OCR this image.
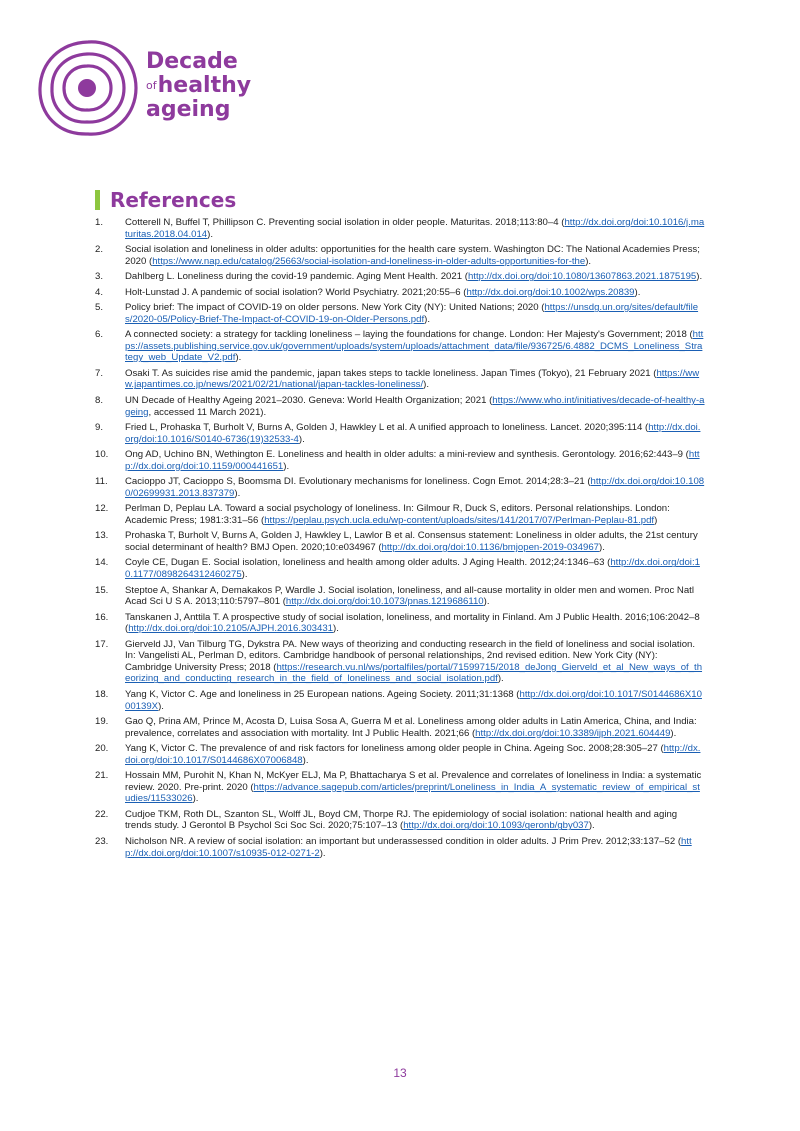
Decade
$^{of}$healthy
ageing
References
1.	Cotterell N, Buffel T, Phillipson C. Preventing social isolation in older people. Maturitas. 2018;113:80–4 (http://dx.doi.org/doi:10.1016/j.maturitas.2018.04.014).
2.	Social isolation and loneliness in older adults: opportunities for the health care system. Washington DC: The National Academies Press; 2020 (https://www.nap.edu/catalog/25663/social-isolation-and-loneliness-in-older-adults-opportunities-for-the).
3.	Dahlberg L. Loneliness during the covid-19 pandemic. Aging Ment Health. 2021 (http://dx.doi.org/doi:10.1080/13607863.2021.1875195).
4.	Holt-Lunstad J. A pandemic of social isolation? World Psychiatry. 2021;20:55–6 (http://dx.doi.org/doi:10.1002/wps.20839).
5.	Policy brief: The impact of COVID-19 on older persons. New York City (NY): United Nations; 2020 (https://unsdg.un.org/sites/default/files/2020-05/Policy-Brief-The-Impact-of-COVID-19-on-Older-Persons.pdf).
6.	A connected society: a strategy for tackling loneliness – laying the foundations for change. London: Her Majesty's Government; 2018 (https://assets.publishing.service.gov.uk/government/uploads/system/uploads/attachment_data/file/936725/6.4882_DCMS_Loneliness_Strategy_web_Update_V2.pdf).
7.	Osaki T. As suicides rise amid the pandemic, japan takes steps to tackle loneliness. Japan Times (Tokyo), 21 February 2021 (https://www.japantimes.co.jp/news/2021/02/21/national/japan-tackles-loneliness/).
8.	UN Decade of Healthy Ageing 2021–2030. Geneva: World Health Organization; 2021 (https://www.who.int/initiatives/decade-of-healthy-ageing, accessed 11 March 2021).
9.	Fried L, Prohaska T, Burholt V, Burns A, Golden J, Hawkley L et al. A unified approach to loneliness. Lancet. 2020;395:114 (http://dx.doi.org/doi:10.1016/S0140-6736(19)32533-4).
10.	Ong AD, Uchino BN, Wethington E. Loneliness and health in older adults: a mini-review and synthesis. Gerontology. 2016;62:443–9 (http://dx.doi.org/doi:10.1159/000441651).
11.	Cacioppo JT, Cacioppo S, Boomsma DI. Evolutionary mechanisms for loneliness. Cogn Emot. 2014;28:3–21 (http://dx.doi.org/doi:10.1080/02699931.2013.837379).
12.	Perlman D, Peplau LA. Toward a social psychology of loneliness. In: Gilmour R, Duck S, editors. Personal relationships. London: Academic Press; 1981:3:31–56 (https://peplau.psych.ucla.edu/wp-content/uploads/sites/141/2017/07/Perlman-Peplau-81.pdf)
13.	Prohaska T, Burholt V, Burns A, Golden J, Hawkley L, Lawlor B et al. Consensus statement: Loneliness in older adults, the 21st century social determinant of health? BMJ Open. 2020;10:e034967 (http://dx.doi.org/doi:10.1136/bmjopen-2019-034967).
14.	Coyle CE, Dugan E. Social isolation, loneliness and health among older adults. J Aging Health. 2012;24:1346–63 (http://dx.doi.org/doi:10.1177/0898264312460275).
15.	Steptoe A, Shankar A, Demakakos P, Wardle J. Social isolation, loneliness, and all-cause mortality in older men and women. Proc Natl Acad Sci U S A. 2013;110:5797–801 (http://dx.doi.org/doi:10.1073/pnas.1219686110).
16.	Tanskanen J, Anttila T. A prospective study of social isolation, loneliness, and mortality in Finland. Am J Public Health. 2016;106:2042–8 (http://dx.doi.org/doi:10.2105/AJPH.2016.303431).
17.	Gierveld JJ, Van Tilburg TG, Dykstra PA. New ways of theorizing and conducting research in the field of loneliness and social isolation. In: Vangelisti AL, Perlman D, editors. Cambridge handbook of personal relationships, 2nd revised edition. New York City (NY): Cambridge University Press; 2018 (https://research.vu.nl/ws/portalfiles/portal/71599715/2018_deJong_Gierveld_et_al_New_ways_of_theorizing_and_conducting_research_in_the_field_of_loneliness_and_social_isolation.pdf).
18.	Yang K, Victor C. Age and loneliness in 25 European nations. Ageing Society. 2011;31:1368 (http://dx.doi.org/doi:10.1017/S0144686X1000139X).
19.	Gao Q, Prina AM, Prince M, Acosta D, Luisa Sosa A, Guerra M et al. Loneliness among older adults in Latin America, China, and India: prevalence, correlates and association with mortality. Int J Public Health. 2021;66 (http://dx.doi.org/doi:10.3389/ijph.2021.604449).
20.	Yang K, Victor C. The prevalence of and risk factors for loneliness among older people in China. Ageing Soc. 2008;28:305–27 (http://dx.doi.org/doi:10.1017/S0144686X07006848).
21.	Hossain MM, Purohit N, Khan N, McKyer ELJ, Ma P, Bhattacharya S et al. Prevalence and correlates of loneliness in India: a systematic review. 2020. Pre-print. 2020 (https://advance.sagepub.com/articles/preprint/Loneliness_in_India_A_systematic_review_of_empirical_studies/11533026).
22.	Cudjoe TKM, Roth DL, Szanton SL, Wolff JL, Boyd CM, Thorpe RJ. The epidemiology of social isolation: national health and aging trends study. J Gerontol B Psychol Sci Soc Sci. 2020;75:107–13 (http://dx.doi.org/doi:10.1093/geronb/gby037).
23.	Nicholson NR. A review of social isolation: an important but underassessed condition in older adults. J Prim Prev. 2012;33:137–52 (http://dx.doi.org/doi:10.1007/s10935-012-0271-2).
13
